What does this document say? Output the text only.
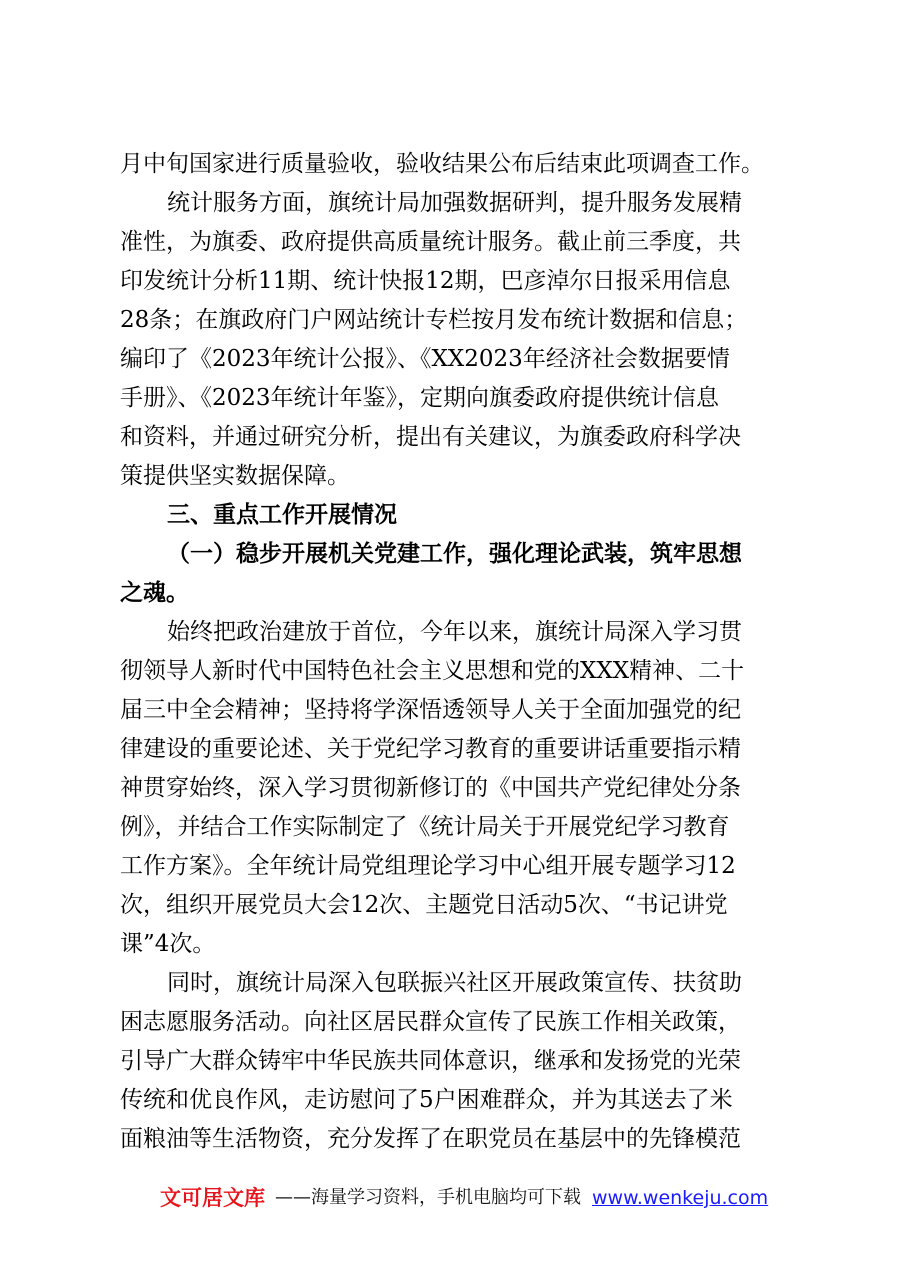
月中旬国家进行质量验收，验收结果公布后结束此项调查工作。
统计服务方面，旗统计局加强数据研判，提升服务发展精
准性，为旗委、政府提供高质量统计服务。截止前三季度，共
印发统计分析11期、统计快报12期，巴彦淖尔日报采用信息
28条；在旗政府门户网站统计专栏按月发布统计数据和信息；
编印了《2023年统计公报》、《XX2023年经济社会数据要情
手册》、《2023年统计年鉴》，定期向旗委政府提供统计信息
和资料，并通过研究分析，提出有关建议，为旗委政府科学决
策提供坚实数据保障。
三、重点工作开展情况
（一）稳步开展机关党建工作，强化理论武装，筑牢思想
之魂。
始终把政治建放于首位，今年以来，旗统计局深入学习贯
彻领导人新时代中国特色社会主义思想和党的XXX精神、二十
届三中全会精神；坚持将学深悟透领导人关于全面加强党的纪
律建设的重要论述、关于党纪学习教育的重要讲话重要指示精
神贯穿始终，深入学习贯彻新修订的《中国共产党纪律处分条
例》，并结合工作实际制定了《统计局关于开展党纪学习教育
工作方案》。全年统计局党组理论学习中心组开展专题学习12
次，组织开展党员大会12次、主题党日活动5次、“书记讲党
课”4次。
同时，旗统计局深入包联振兴社区开展政策宣传、扶贫助
困志愿服务活动。向社区居民群众宣传了民族工作相关政策，
引导广大群众铸牢中华民族共同体意识，继承和发扬党的光荣
传统和优良作风，走访慰问了5户困难群众，并为其送去了米
面粮油等生活物资，充分发挥了在职党员在基层中的先锋模范
文可居文库 ——海量学习资料，手机电脑均可下载 www.wenkeju.com
